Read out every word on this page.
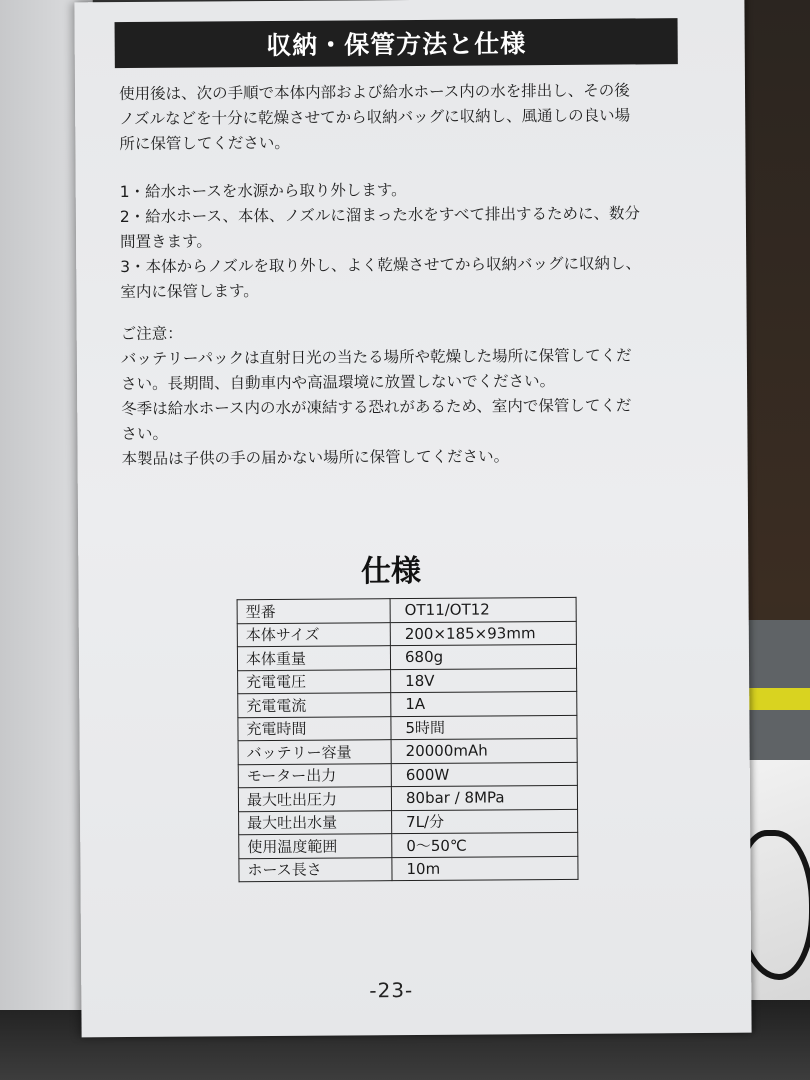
収納・保管方法と仕様

使用後は、次の手順で本体内部および給水ホース内の水を排出し、その後

ノズルなどを十分に乾燥させてから収納バッグに収納し、風通しの良い場

所に保管してください。

1・給水ホースを水源から取り外します。

2・給水ホース、本体、ノズルに溜まった水をすべて排出するために、数分

間置きます。

3・本体からノズルを取り外し、よく乾燥させてから収納バッグに収納し、

室内に保管します。

ご注意：

バッテリーパックは直射日光の当たる場所や乾燥した場所に保管してくだ

さい。長期間、自動車内や高温環境に放置しないでください。

冬季は給水ホース内の水が凍結する恐れがあるため、室内で保管してくだ

さい。

本製品は子供の手の届かない場所に保管してください。

仕様
型番	OT11/OT12
本体サイズ	200×185×93mm
本体重量	680g
充電電圧	18V
充電電流	1A
充電時間	5時間
バッテリー容量	20000mAh
モーター出力	600W
最大吐出圧力	80bar / 8MPa
最大吐出水量	7L/分
使用温度範囲	0〜50℃
ホース長さ	10m
-23-
